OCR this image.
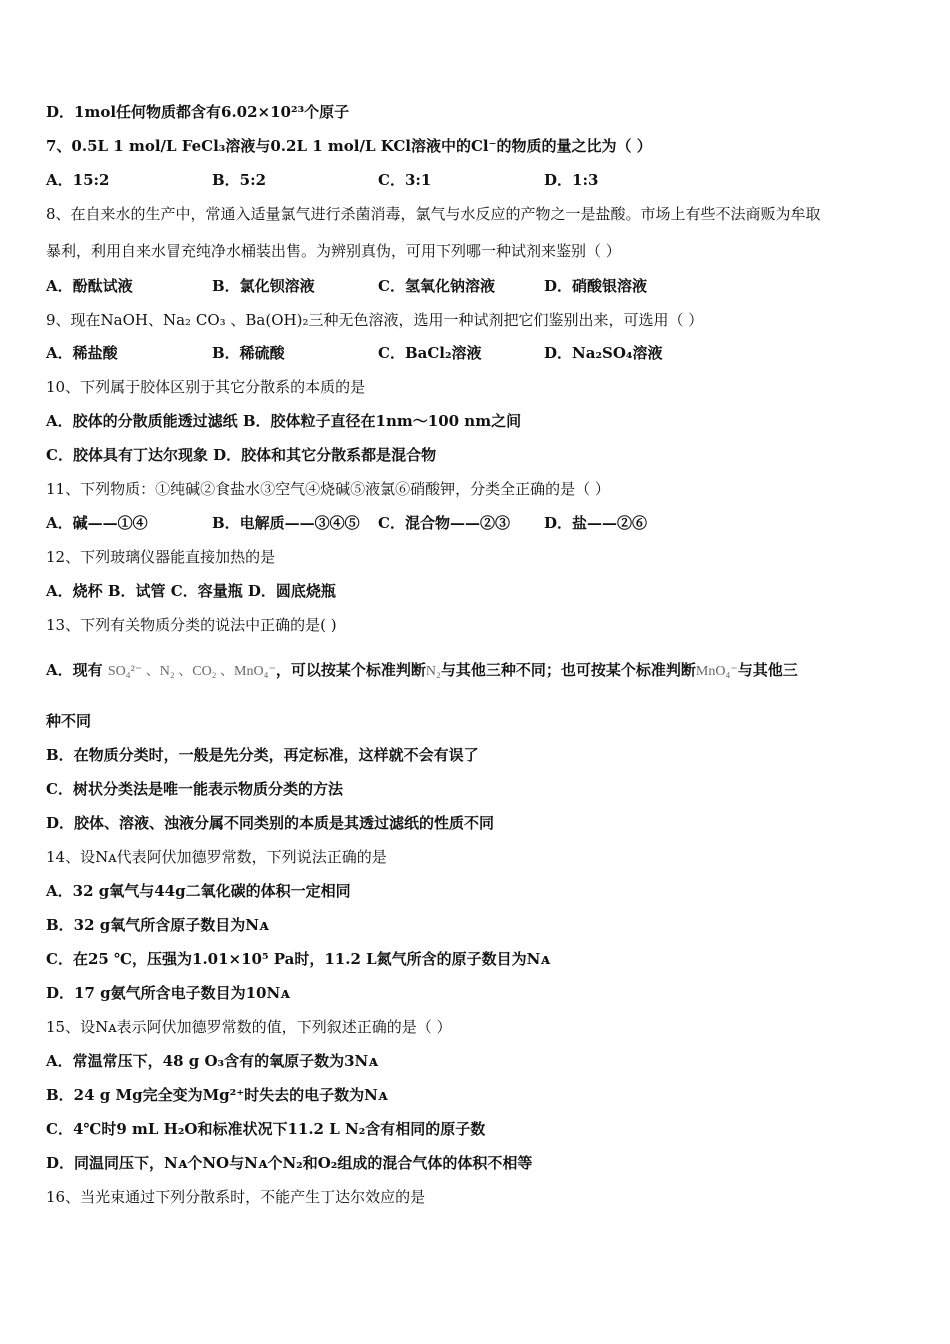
D．1mol任何物质都含有6.02×10²³个原子
7、0.5L 1 mol/L FeCl₃溶液与0.2L 1 mol/L KCl溶液中的Cl⁻的物质的量之比为（ ）
A．15:2	B．5:2	C．3:1	D．1:3
8、在自来水的生产中，常通入适量氯气进行杀菌消毒，氯气与水反应的产物之一是盐酸。市场上有些不法商贩为牟取
暴利，利用自来水冒充纯净水桶装出售。为辨别真伪，可用下列哪一种试剂来鉴别（ ）
A．酚酞试液	B．氯化钡溶液	C．氢氧化钠溶液	D．硝酸银溶液
9、现在NaOH、Na₂ CO₃ 、Ba(OH)₂三种无色溶液，选用一种试剂把它们鉴别出来，可选用（ ）
A．稀盐酸	B．稀硫酸	C．BaCl₂溶液	D．Na₂SO₄溶液
10、下列属于胶体区别于其它分散系的本质的是
A．胶体的分散质能透过滤纸 B．胶体粒子直径在1nm～100 nm之间
C．胶体具有丁达尔现象 D．胶体和其它分散系都是混合物
11、下列物质：①纯碱②食盐水③空气④烧碱⑤液氯⑥硝酸钾，分类全正确的是（ ）
A．碱——①④	B．电解质——③④⑤ C．混合物——②③ D．盐——②⑥
12、下列玻璃仪器能直接加热的是
A．烧杯 B．试管 C．容量瓶 D．圆底烧瓶
13、下列有关物质分类的说法中正确的是( )
A．现有 SO₄²⁻ 、N₂ 、CO₂ 、MnO₄⁻，可以按某个标准判断N₂与其他三种不同；也可按某个标准判断MnO₄⁻与其他三
种不同
B．在物质分类时，一般是先分类，再定标准，这样就不会有误了
C．树状分类法是唯一能表示物质分类的方法
D．胶体、溶液、浊液分属不同类别的本质是其透过滤纸的性质不同
14、设Nᴀ代表阿伏加德罗常数，下列说法正确的是
A．32 g氧气与44g二氧化碳的体积一定相同
B．32 g氧气所含原子数目为Nᴀ
C．在25 ℃，压强为1.01×10⁵ Pa时，11.2 L氮气所含的原子数目为Nᴀ
D．17 g氨气所含电子数目为10Nᴀ
15、设Nᴀ表示阿伏加德罗常数的值，下列叙述正确的是（ ）
A．常温常压下，48 g O₃含有的氧原子数为3Nᴀ
B．24 g Mg完全变为Mg²⁺时失去的电子数为Nᴀ
C．4℃时9 mL H₂O和标准状况下11.2 L N₂含有相同的原子数
D．同温同压下，Nᴀ个NO与Nᴀ个N₂和O₂组成的混合气体的体积不相等
16、当光束通过下列分散系时，不能产生丁达尔效应的是
